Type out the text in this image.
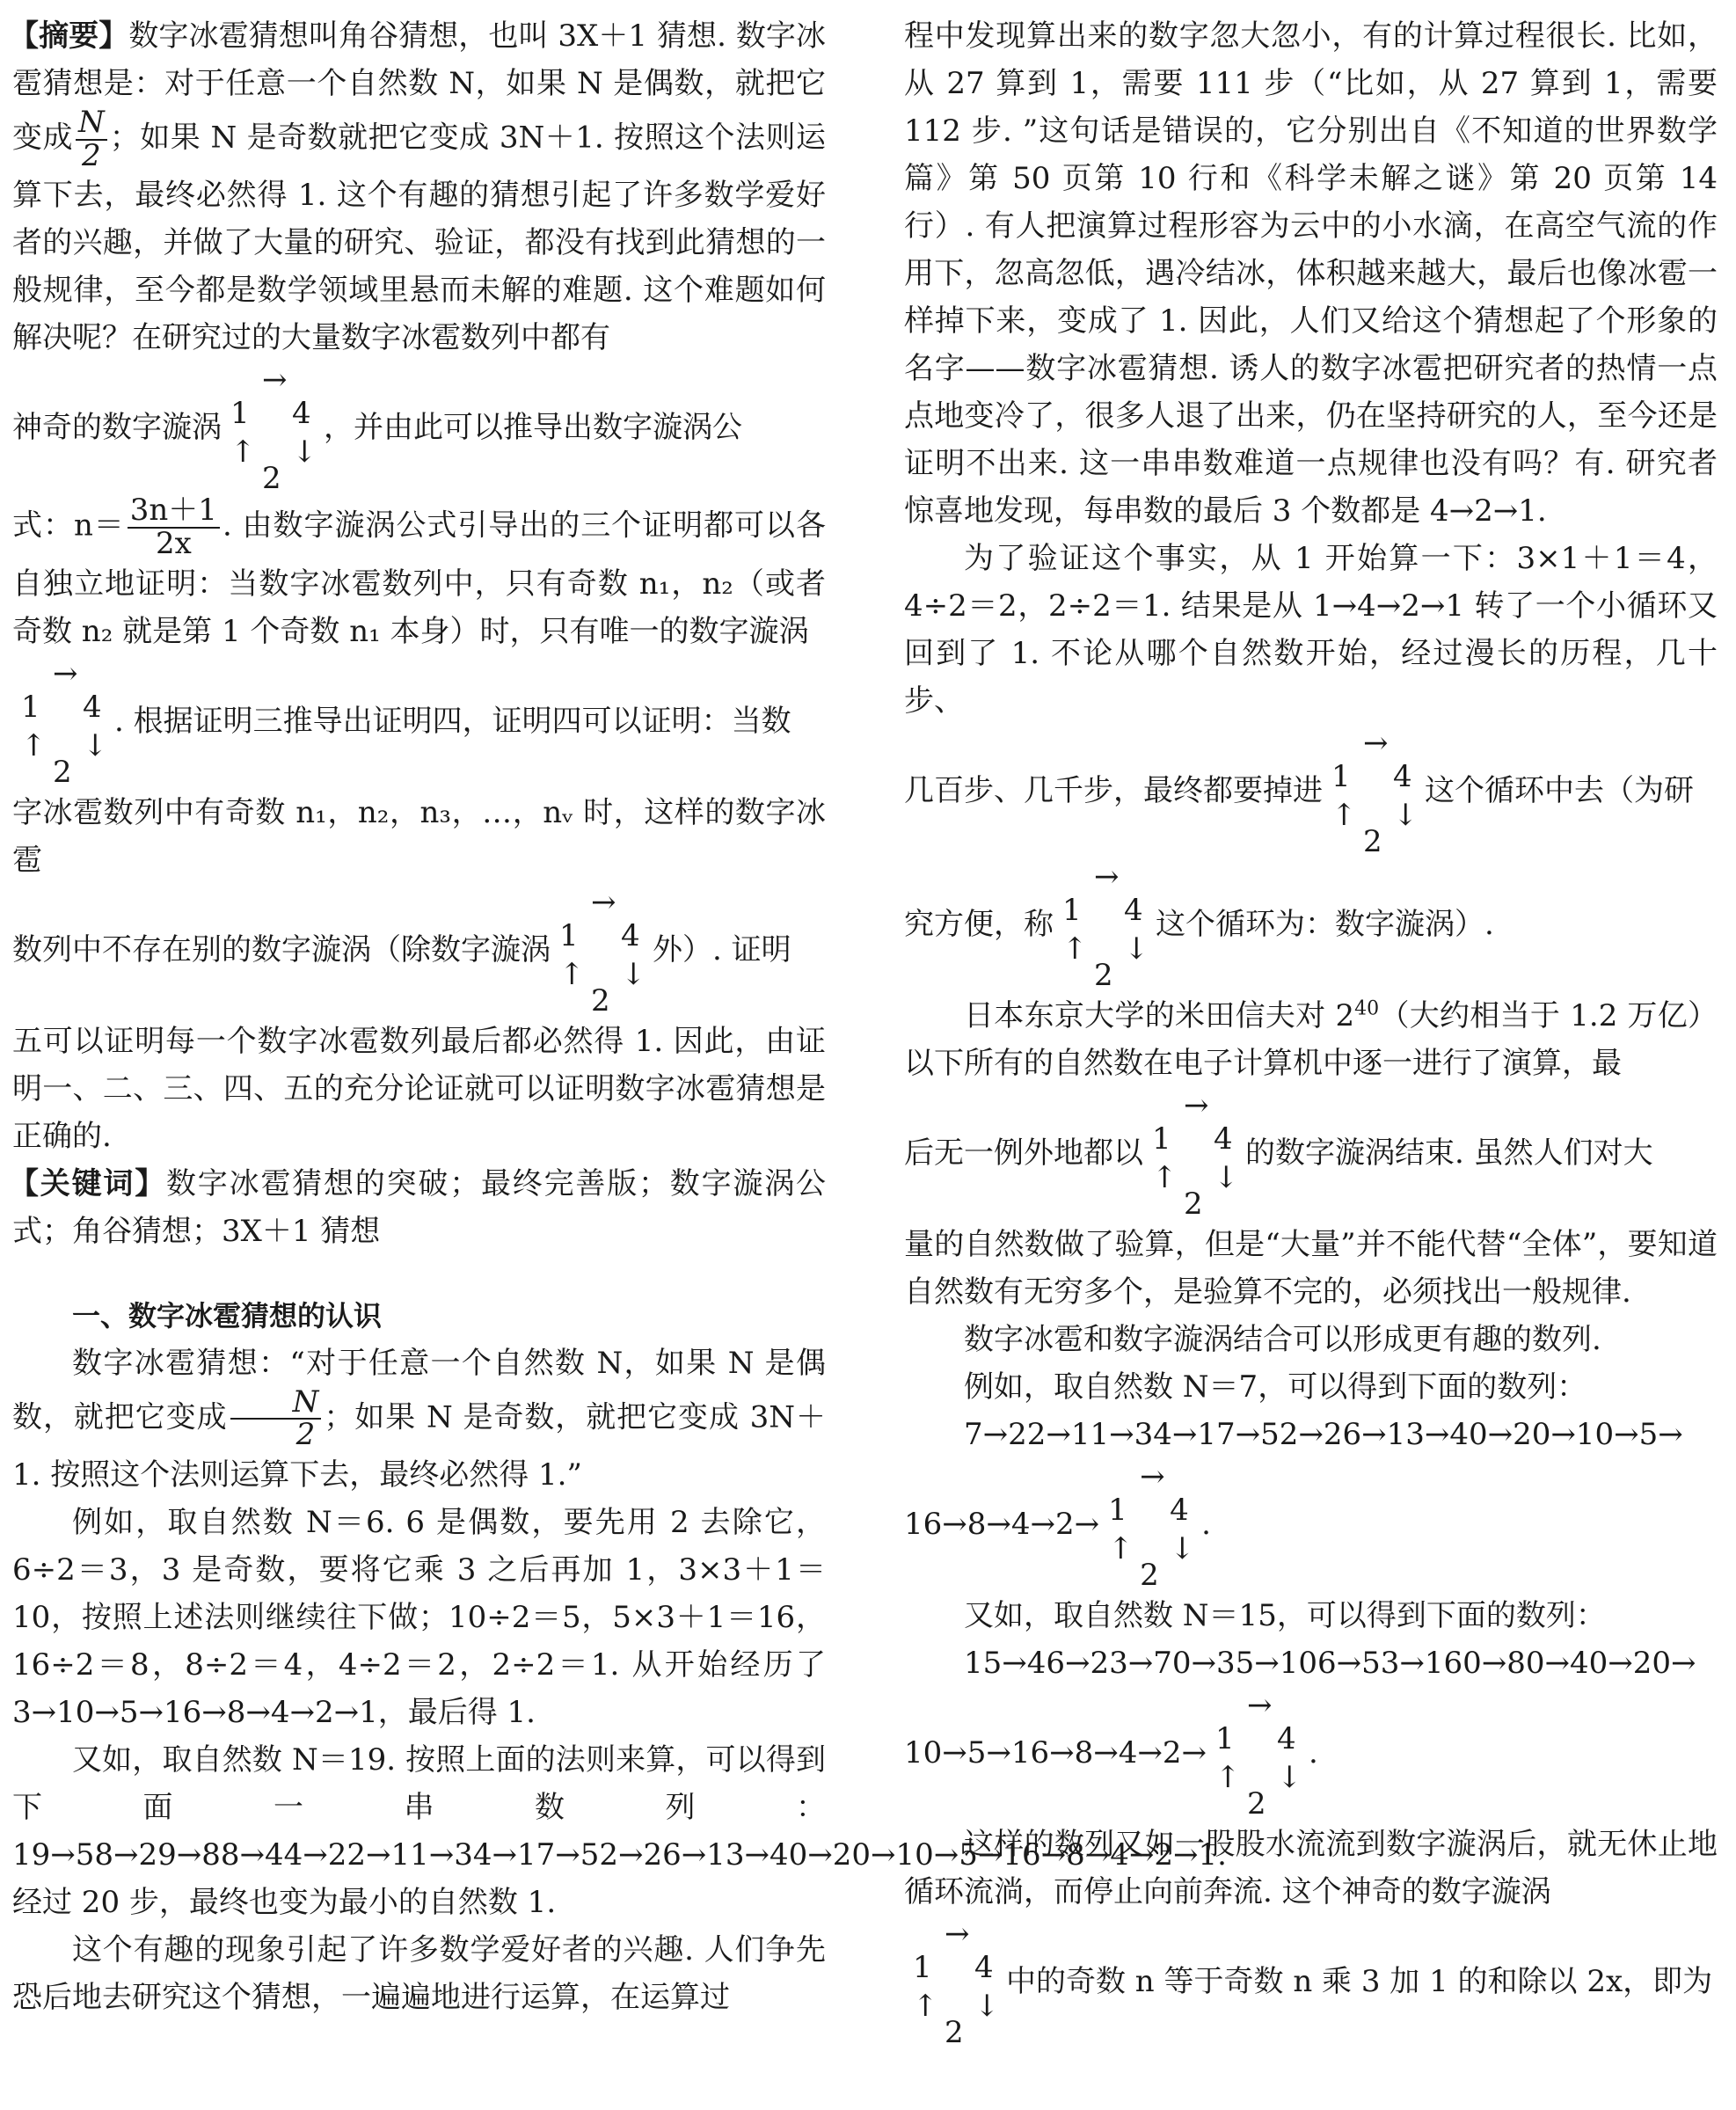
【摘要】数字冰雹猜想叫角谷猜想，也叫 3X＋1 猜想. 数字冰雹猜想是：对于任意一个自然数 N，如果 N 是偶数，就把它变成 $\frac{N}{2}$ ；如果 N 是奇数就把它变成 3N＋1. 按照这个法则运算下去，最终必然得 1. 这个有趣的猜想引起了许多数学爱好者的兴趣，并做了大量的研究、验证，都没有找到此猜想的一般规律，至今都是数学领域里悬而未解的难题. 这个难题如何解决呢？在研究过的大量数字冰雹数列中都有

神奇的数字漩涡
→
1 4
↑ ↓
2
，并由此可以推导出数字漩涡公

式：$n= \frac{3n+1}{2x}$ . 由数字漩涡公式引导出的三个证明都可以各自独立地证明：当数字冰雹数列中，只有奇数 n₁，n₂（或者奇数 n₂ 就是第 1 个奇数 n₁ 本身）时，只有唯一的数字漩涡

→
1 4
↑ ↓
2
. 根据证明三推导出证明四，证明四可以证明：当数

字冰雹数列中有奇数 n₁，n₂，n₃，…，nᵥ 时，这样的数字冰雹

数列中不存在别的数字漩涡（除数字漩涡
→
1 4
↑ ↓
2
外）. 证明

五可以证明每一个数字冰雹数列最后都必然得 1. 因此，由证明一、二、三、四、五的充分论证就可以证明数字冰雹猜想是正确的.

【关键词】数字冰雹猜想的突破；最终完善版；数字漩涡公式；角谷猜想；3X＋1 猜想

一、数字冰雹猜想的认识

数字冰雹猜想：“对于任意一个自然数 N，如果 N 是偶数，就把它变成 $\frac{N}{2}$ ；如果 N 是奇数，就把它变成 3N＋1. 按照这个法则运算下去，最终必然得 1.”

例如，取自然数 N＝6. 6 是偶数，要先用 2 去除它，6÷2＝3，3 是奇数，要将它乘 3 之后再加 1，3×3＋1＝10，按照上述法则继续往下做；10÷2＝5，5×3＋1＝16，16÷2＝8，8÷2＝4，4÷2＝2，2÷2＝1. 从开始经历了 3→10→5→16→8→4→2→1，最后得 1.

又如，取自然数 N＝19. 按照上面的法则来算，可以得到下面一串数列：19→58→29→88→44→22→11→34→17→52→26→13→40→20→10→5→16→8→4→2→1. 经过 20 步，最终也变为最小的自然数 1.

这个有趣的现象引起了许多数学爱好者的兴趣. 人们争先恐后地去研究这个猜想，一遍遍地进行运算，在运算过

程中发现算出来的数字忽大忽小，有的计算过程很长. 比如，从 27 算到 1，需要 111 步（“比如，从 27 算到 1，需要 112 步. ”这句话是错误的，它分别出自《不知道的世界数学篇》第 50 页第 10 行和《科学未解之谜》第 20 页第 14 行）. 有人把演算过程形容为云中的小水滴，在高空气流的作用下，忽高忽低，遇冷结冰，体积越来越大，最后也像冰雹一样掉下来，变成了 1. 因此，人们又给这个猜想起了个形象的名字——数字冰雹猜想. 诱人的数字冰雹把研究者的热情一点点地变冷了，很多人退了出来，仍在坚持研究的人，至今还是证明不出来. 这一串串数难道一点规律也没有吗？有. 研究者惊喜地发现，每串数的最后 3 个数都是 4→2→1.

为了验证这个事实，从 1 开始算一下：3×1＋1＝4，4÷2＝2，2÷2＝1. 结果是从 1→4→2→1 转了一个小循环又回到了 1. 不论从哪个自然数开始，经过漫长的历程，几十步、

几百步、几千步，最终都要掉进
→
1 4
↑ ↓
2
这个循环中去（为研

究方便，称
→
1 4
↑ ↓
2
这个循环为：数字漩涡）.

日本东京大学的米田信夫对 $2^{40}$（大约相当于 1.2 万亿）以下所有的自然数在电子计算机中逐一进行了演算，最

后无一例外地都以
→
1 4
↑ ↓
2
的数字漩涡结束. 虽然人们对大

量的自然数做了验算，但是“大量”并不能代替“全体”，要知道自然数有无穷多个，是验算不完的，必须找出一般规律.

数字冰雹和数字漩涡结合可以形成更有趣的数列.

例如，取自然数 N＝7，可以得到下面的数列：

7→22→11→34→17→52→26→13→40→20→10→5→

16→8→4→2→
→
1 4
↑ ↓
2
.

又如，取自然数 N＝15，可以得到下面的数列：

15→46→23→70→35→106→53→160→80→40→20→

10→5→16→8→4→2→
→
1 4
↑ ↓
2
.

这样的数列又如一股股水流流到数字漩涡后，就无休止地循环流淌，而停止向前奔流. 这个神奇的数字漩涡

→
1 4
↑ ↓
2
中的奇数 n 等于奇数 n 乘 3 加 1 的和除以 2x，即为
